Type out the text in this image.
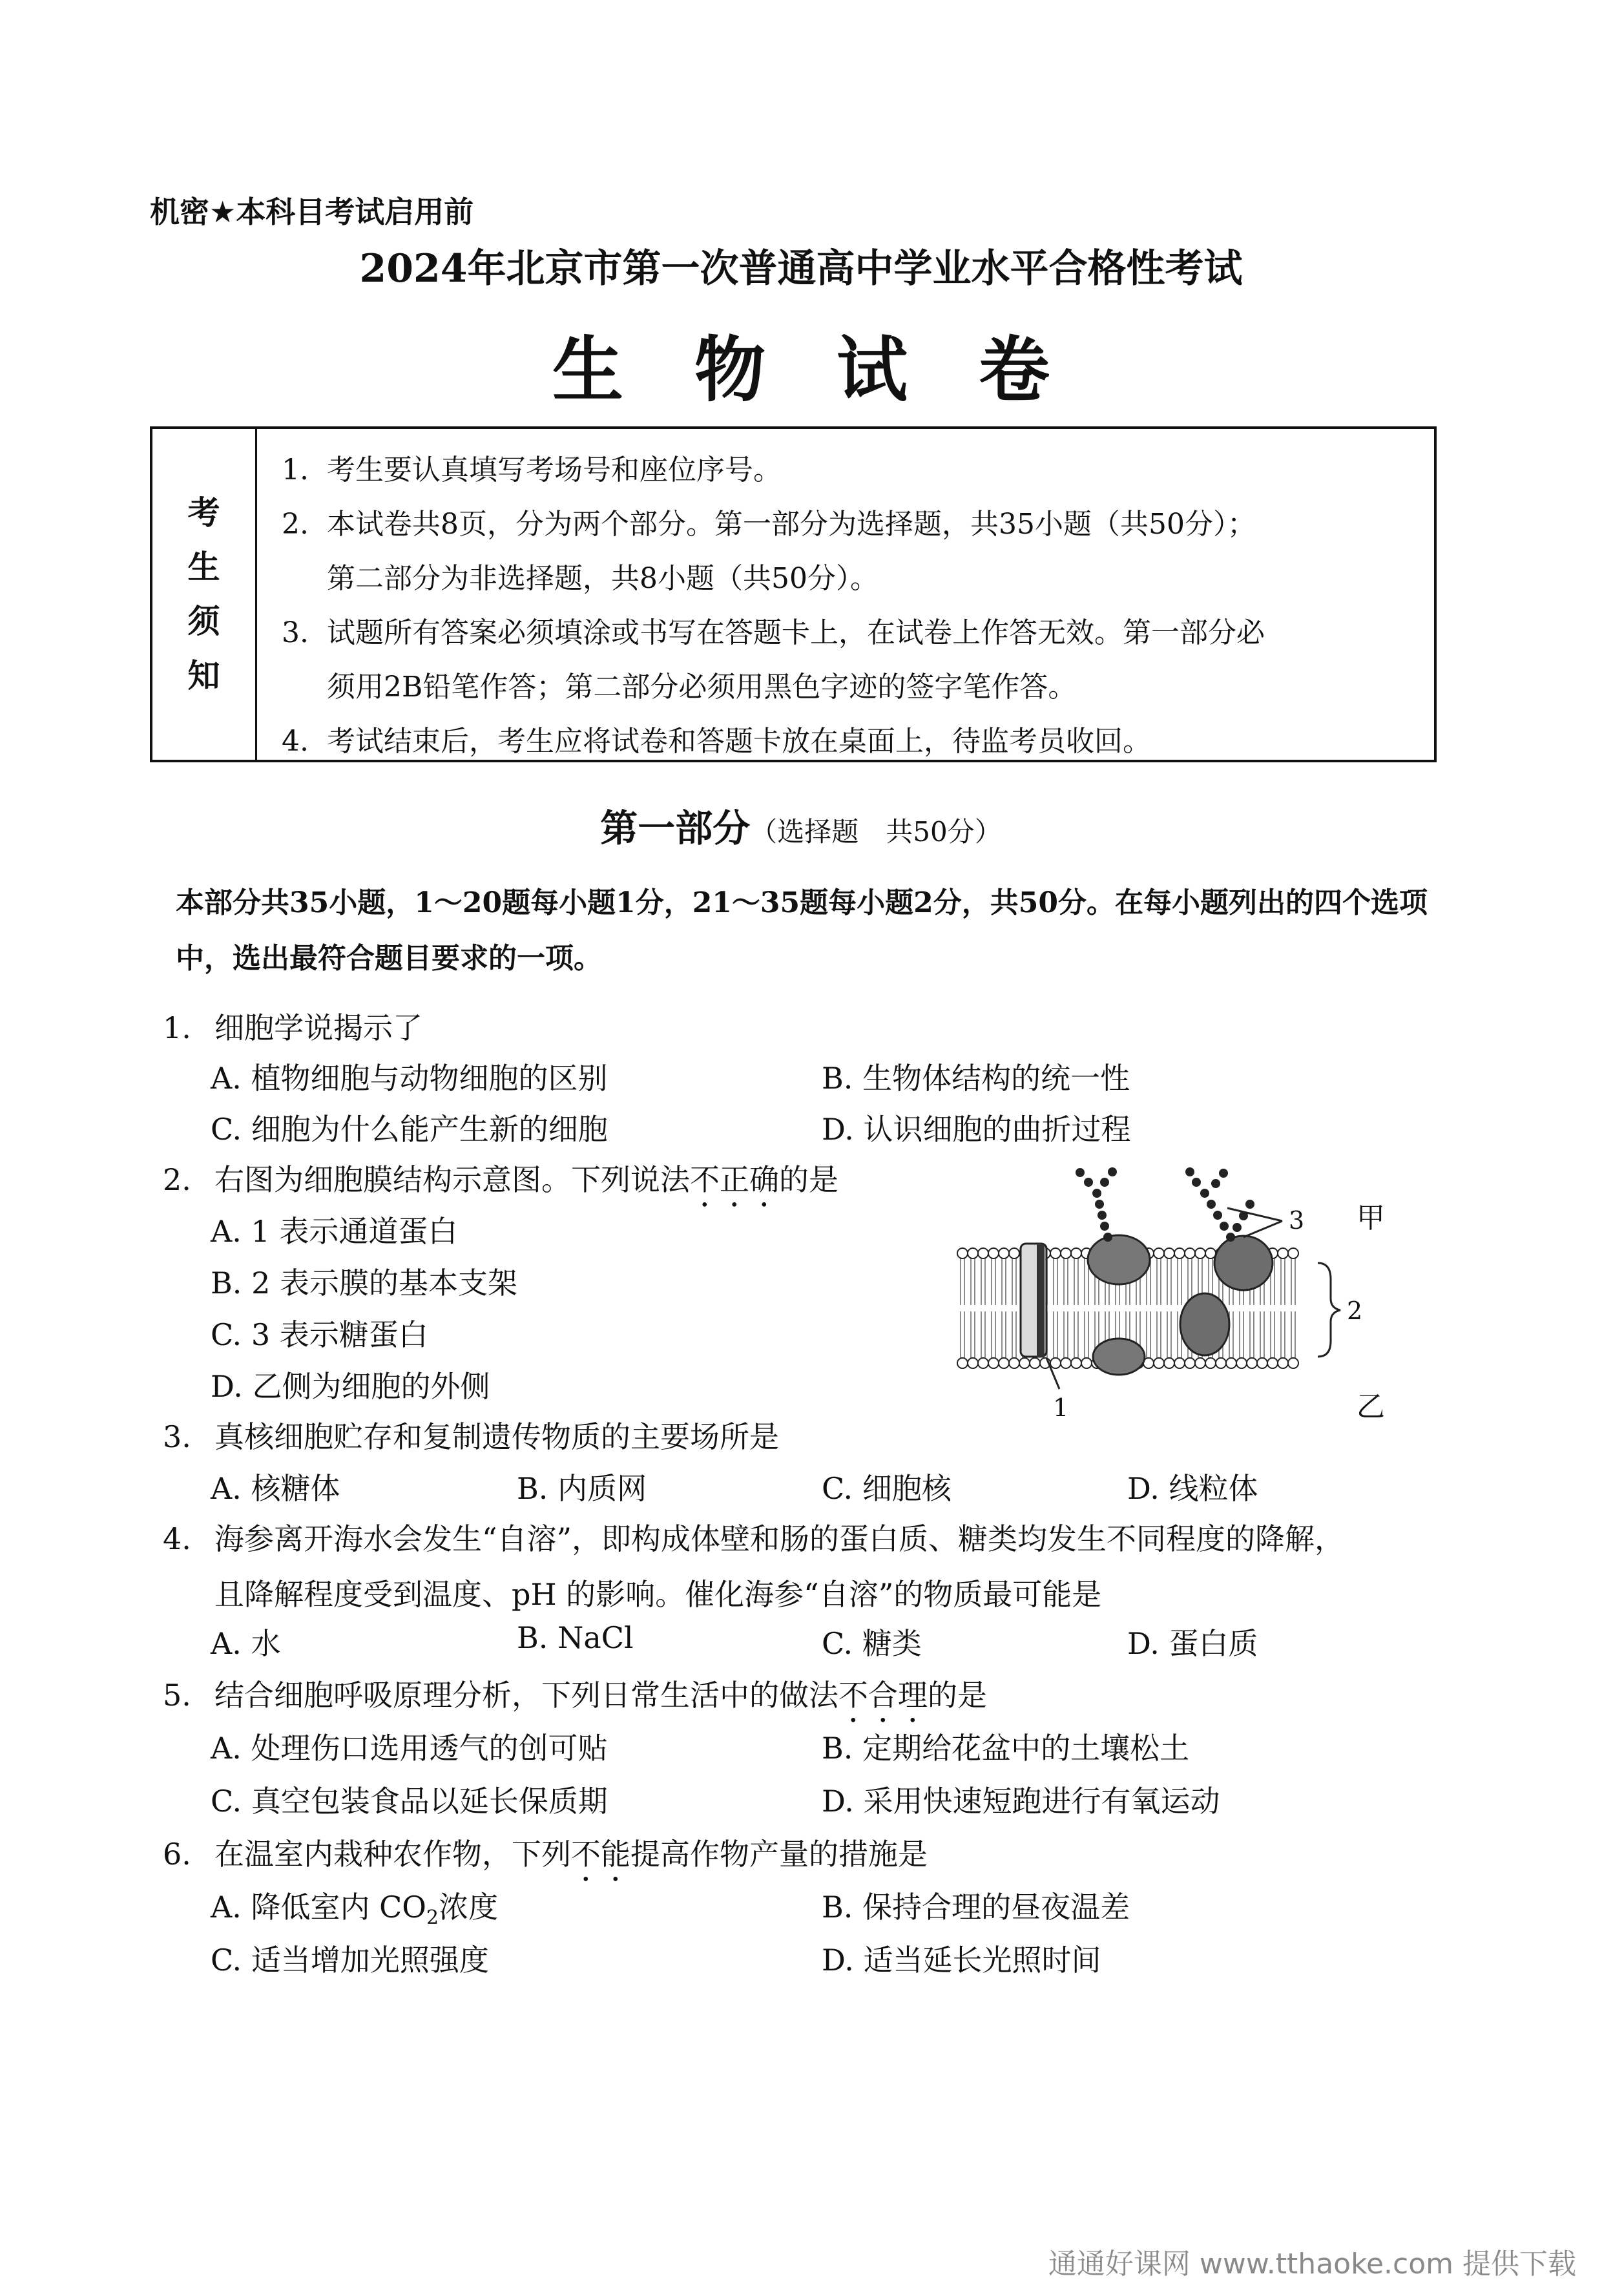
机密★本科目考试启用前
2024年北京市第一次普通高中学业水平合格性考试
生物试卷
考
生
须
知
1. 考生要认真填写考场号和座位序号。
2. 本试卷共8页，分为两个部分。第一部分为选择题，共35小题（共50分）；
第二部分为非选择题，共8小题（共50分）。
3. 试题所有答案必须填涂或书写在答题卡上，在试卷上作答无效。第一部分必
须用2B铅笔作答；第二部分必须用黑色字迹的签字笔作答。
4. 考试结束后，考生应将试卷和答题卡放在桌面上，待监考员收回。
第一部分（选择题　共50分）
本部分共35小题，1～20题每小题1分，21～35题每小题2分，共50分。在每小题列出的四个选项中，选出最符合题目要求的一项。
1. 细胞学说揭示了
A. 植物细胞与动物细胞的区别	B. 生物体结构的统一性
C. 细胞为什么能产生新的细胞	D. 认识细胞的曲折过程
2. 右图为细胞膜结构示意图。下列说法不正确的是
A. 1 表示通道蛋白
B. 2 表示膜的基本支架
C. 3 表示糖蛋白
D. 乙侧为细胞的外侧
3 甲
2
1	乙
3. 真核细胞贮存和复制遗传物质的主要场所是
A. 核糖体	B. 内质网	C. 细胞核	D. 线粒体
4. 海参离开海水会发生“自溶”，即构成体壁和肠的蛋白质、糖类均发生不同程度的降解，
且降解程度受到温度、pH 的影响。催化海参“自溶”的物质最可能是
A. 水	B. NaCl	C. 糖类	D. 蛋白质
5. 结合细胞呼吸原理分析，下列日常生活中的做法不合理的是
A. 处理伤口选用透气的创可贴	B. 定期给花盆中的土壤松土
C. 真空包装食品以延长保质期	D. 采用快速短跑进行有氧运动
6. 在温室内栽种农作物，下列不能提高作物产量的措施是
A. 降低室内 $CO_2$浓度	B. 保持合理的昼夜温差
C. 适当增加光照强度	D. 适当延长光照时间
通通好课网 www.tthaoke.com 提供下载
